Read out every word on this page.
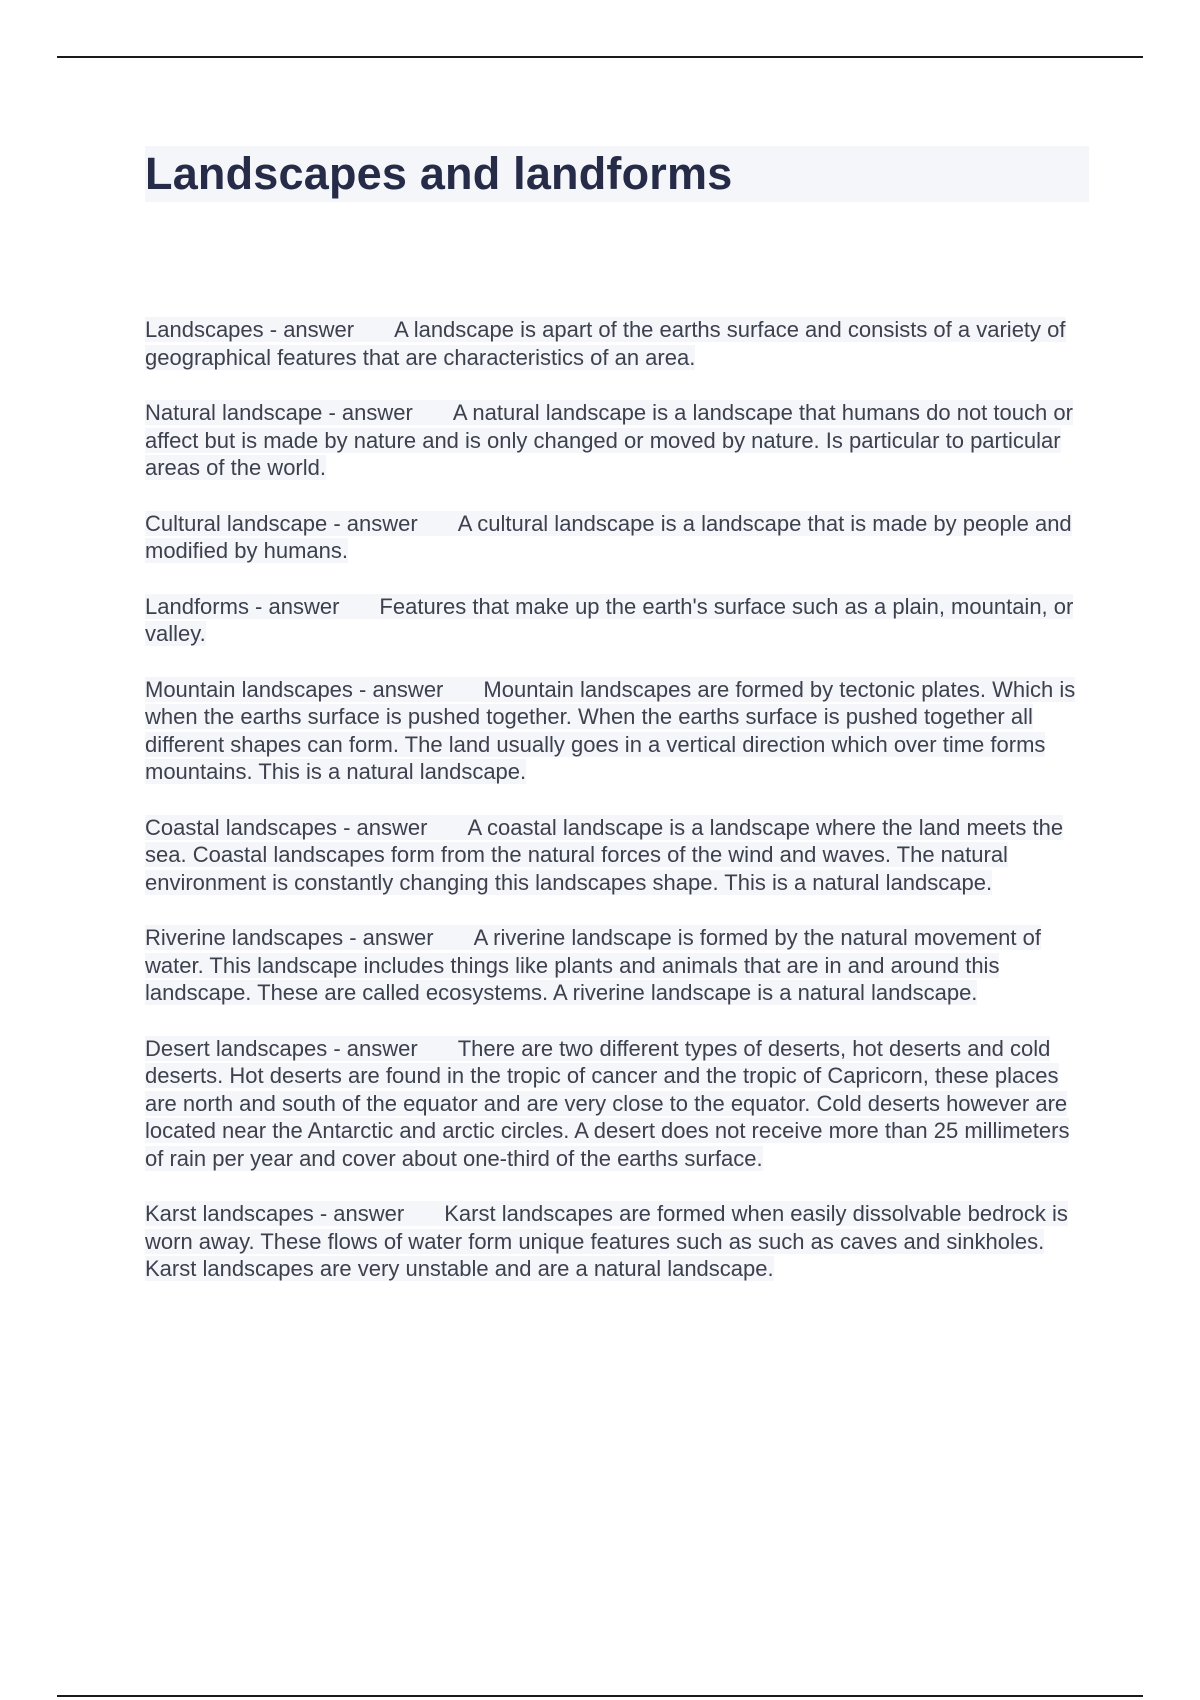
Landscapes and landforms

Landscapes - answer A landscape is apart of the earths surface and consists of a variety of geographical features that are characteristics of an area.

Natural landscape - answer A natural landscape is a landscape that humans do not touch or affect but is made by nature and is only changed or moved by nature. Is particular to particular areas of the world.

Cultural landscape - answer A cultural landscape is a landscape that is made by people and modified by humans.

Landforms - answer Features that make up the earth's surface such as a plain, mountain, or valley.

Mountain landscapes - answer Mountain landscapes are formed by tectonic plates. Which is when the earths surface is pushed together. When the earths surface is pushed together all different shapes can form. The land usually goes in a vertical direction which over time forms mountains. This is a natural landscape.

Coastal landscapes - answer A coastal landscape is a landscape where the land meets the sea. Coastal landscapes form from the natural forces of the wind and waves. The natural environment is constantly changing this landscapes shape. This is a natural landscape.

Riverine landscapes - answer A riverine landscape is formed by the natural movement of water. This landscape includes things like plants and animals that are in and around this landscape. These are called ecosystems. A riverine landscape is a natural landscape.

Desert landscapes - answer There are two different types of deserts, hot deserts and cold deserts. Hot deserts are found in the tropic of cancer and the tropic of Capricorn, these places are north and south of the equator and are very close to the equator. Cold deserts however are located near the Antarctic and arctic circles. A desert does not receive more than 25 millimeters of rain per year and cover about one-third of the earths surface.

Karst landscapes - answer Karst landscapes are formed when easily dissolvable bedrock is worn away. These flows of water form unique features such as such as caves and sinkholes. Karst landscapes are very unstable and are a natural landscape.
